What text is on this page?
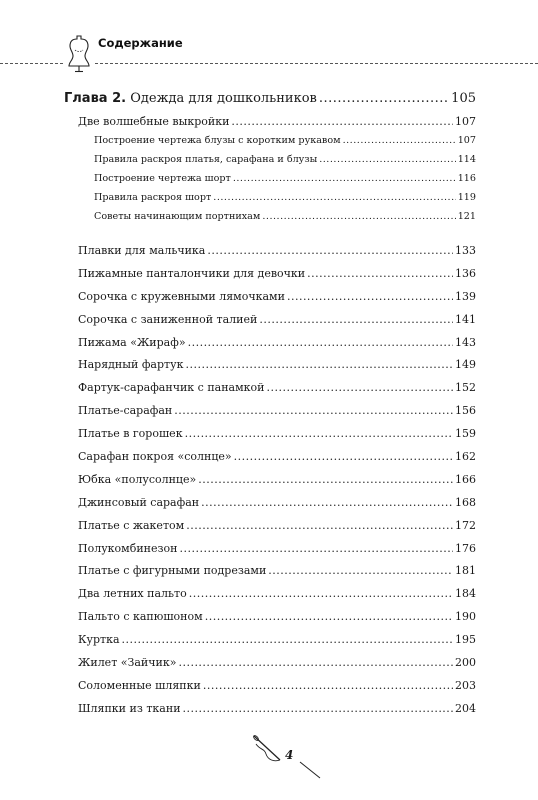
Содержание
Глава 2. Одежда для дошкольников .....	105
Две волшебные выкройки .....	107
Построение чертежа блузы с коротким рукавом .....	107
Правила раскроя платья, сарафана и блузы .....	114
Построение чертежа шорт .....	116
Правила раскроя шорт .....	119
Советы начинающим портнихам .....	121
Плавки для мальчика .....	133
Пижамные панталончики для девочки .....	136
Сорочка с кружевными лямочками .....	139
Сорочка с заниженной талией .....	141
Пижама «Жираф» .....	143
Нарядный фартук .....	149
Фартук-сарафанчик с панамкой .....	152
Платье-сарафан .....	156
Платье в горошек .....	159
Сарафан покроя «солнце» .....	162
Юбка «полусолнце» .....	166
Джинсовый сарафан .....	168
Платье с жакетом .....	172
Полукомбинезон .....	176
Платье с фигурными подрезами .....	181
Два летних пальто .....	184
Пальто с капюшоном .....	190
Куртка .....	195
Жилет «Зайчик» .....	200
Соломенные шляпки .....	203
Шляпки из ткани .....	204
4
